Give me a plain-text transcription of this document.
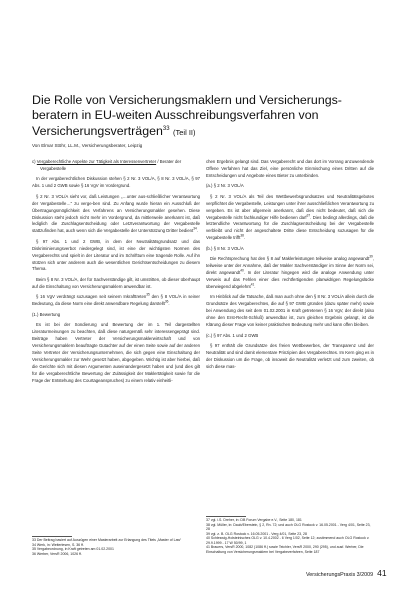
Die Rolle von Versicherungsmaklern und Versicherungs-beratern in EU-weiten Ausschreibungsverfahren von Versicherungsverträgen$^{33}$ (Teil II)

Von Elmar Stöhr, LL.M., Versicherungsberater, Leipzig

c) Vergaberechtliche Aspekte zur Tätigkeit als Interessenvertreter / Berater der Vergabestelle

In der vergaberechtlichen Diskussion stehen § 2 Nr. 3 VOL/A, § 8 Nr. 3 VOL/A, § 97 Abs. 1 und 2 GWB sowie § 16 VgV im Vordergrund.

§ 2 Nr. 3 VOL/A sieht vor, daß Leistungen „…unter aus-schließlicher Verantwortung der Vergabestelle…“ zu verge-ben sind. Zu Anfang wurde hieran ein Ausschluß der Übertragungsmöglichkeit des Verfahrens an Versicherungsmakler gesehen. Diese Diskussion steht jedoch nicht mehr im Vordergrund, da mittlerweile anerkannt ist, daß lediglich die Zuschlagsentscheidung oder Letztverantwortung der Vergabestelle stattzufinden hat, auch wenn sich die Vergabestelle der Unterstützung Dritter bedient$^{34}$.

§ 97 Abs. 1 und 2 GWB, in dem der Neutralitätsgrundsatz und das Diskriminierungsverbot niedergelegt sind, ist eine der wichtigsten Normen des Vergaberechts und spielt in der Literatur und im Schrifttum eine tragende Rolle. Auf ihn stützen sich unter anderem auch die wesentlichen Gerichtsentscheidungen zu diesem Thema.

Beim § 8 Nr. 3 VOL/A, der für Sachverständige gilt, ist umstritten, ob dieser überhaupt auf die Einschaltung von Versicherungsmaklern anwendbar ist.

§ 16 VgV verdrängt sozusagen seit seinem Inkrafttreten$^{35}$ den § 8 VOL/A in seiner Bedeutung, da diese Norm eine direkt anwendbare Regelung darstellt$^{36}$.

(1.) Bewertung

Es ist bei der Sondierung und Bewertung der im 1. Teil dargestellten Literaturmeinungen zu beachten, daß diese naturgemäß sehr interessengeprägt sind. Beiträge haben Vertreter der Versicherungsmaklerwirtschaft und von Versicherungsmaklern beauftragte Gutachter auf der einen Seite sowie auf der anderen Seite Vertreter der Versicherungsunternehmen, die sich gegen eine Einschaltung der Versicherungsmakler zur Wehr gesetzt haben, abgegeben. Wichtig ist aber hierbei, daß die Gerichte sich mit diesen Argumenten auseinandergesetzt haben und (und dies gilt für die vergaberechtliche Bewertung der Zulässigkeit der Maklertätigkeit sowie für die Frage der Entstehung des Courtageanspruches) zu einem relativ einheitli-

33 Der Beitrag basiert auf Auszügen einer Masterarbeit zur Erlangung des Titels „Master of Law“
34 Werk, in: Weiterlesen, S. 36 ff.
35 Vergabeordnung, in Kraft getreten am 01.02.2001
36 Werber, VersR 2006, 1026 ff.

chen Ergebnis gelangt sind. Das Vergaberecht und das dort im Vorrang anzuwendende Offene Verfahren hat das Ziel, eine persönliche Einmischung eines Dritten auf die Entscheidungen und Angebote eines Bieter zu unterbinden.

(a.) § 2 Nr. 3 VOL/A

§ 2 Nr. 3 VOL/A als Teil des Wettbewerbsgrundsatzes und Neutralitätsgebotes verpflichtet die Vergabestelle, Leistungen unter ihrer ausschließlichen Verantwortung zu vergeben. Es ist aber allgemein anerkannt, daß dies nicht bedeutet, daß sich die Vergabestelle nicht fachkundiger Hilfe bedienen darf$^{37}$. Dies bedingt allerdings, daß die letztendliche Verantwortung für die Zuschlagsentscheidung bei der Vergabestelle verbleibt und nicht der angeschaltete Dritte diese Entscheidung sozusagen für die Vergabestelle trifft$^{38}$.

(b.) § 8 Nr. 3 VOL/A

Die Rechtsprechung hat den § 8 auf Maklerleistungen teilweise analog angewandt$^{39}$, teilweise unter der Annahme, daß der Makler Sachverständiger im Sinne der Norm sei, direkt angewandt$^{40}$. In der Literatur hingegen wird die analoge Anwendung unter Verweis auf das Fehlen einer dies rechtfertigenden planwidrigen Regelungslücke überwiegend abgelehnt$^{41}$.

Im Hinblick auf die Tatsache, daß man auch ohne den § 8 Nr. 3 VOL/A allein durch die Grundsätze des Vergaberechtes, die auf § 97 GWB gründen (dazu später mehr) sowie bei Anwendung des seit dem 01.02.2001 in Kraft getretenen § 16 VgV, der direkt (also ohne den Erst-Recht-Schluß) anwendbar ist, zum gleichen Ergebnis gelangt, ist die Klärung dieser Frage von keiner praktischen Bedeutung mehr und kann offen bleiben.

(c.) § 97 Abs. 1 und 2 GWB

§ 97 enthält die Grundsätze des freien Wettbewerbes, der Transparenz und der Neutralität und sind damit elementare Prinzipien des Vergaberechtes. Im Kern ging es in der Diskussion um die Frage, ob insoweit die Neutralität verletzt und zum zweiten, ob sich diese mas-

37 vgl. i.S. Dreher, in: DB Forum Vergabe e.V., Seite 180, 181
38 vgl. Müller, in: Daub/Eberstein, § 2, Rn. 72; und auch OLG Rostock v. 16.05.2001 - Verg 4/01, Seite 23, 28
39 vgl. z. B. OLG Rostock v. 16.05.2001 - Verg 4/01, Seite 23, 28
40 Schleswig-Holsteinisches OLG v. 10.4.2002 - 6 Verg 1/02, Seite 12; zustimmend auch OLG Rostock v. 29.9.1999 - 17 W 50/99, 1
41 Brauers, VersR 2000, 1082 (1086 ff.) sowie Teichler, VersR 2000, 290 (295), und ausf. Werber, Die Einschaltung von Versicherungsmaklern bei Vergabeverfahren, Seite 187
VersicherungsPraxis 3/2009 41
